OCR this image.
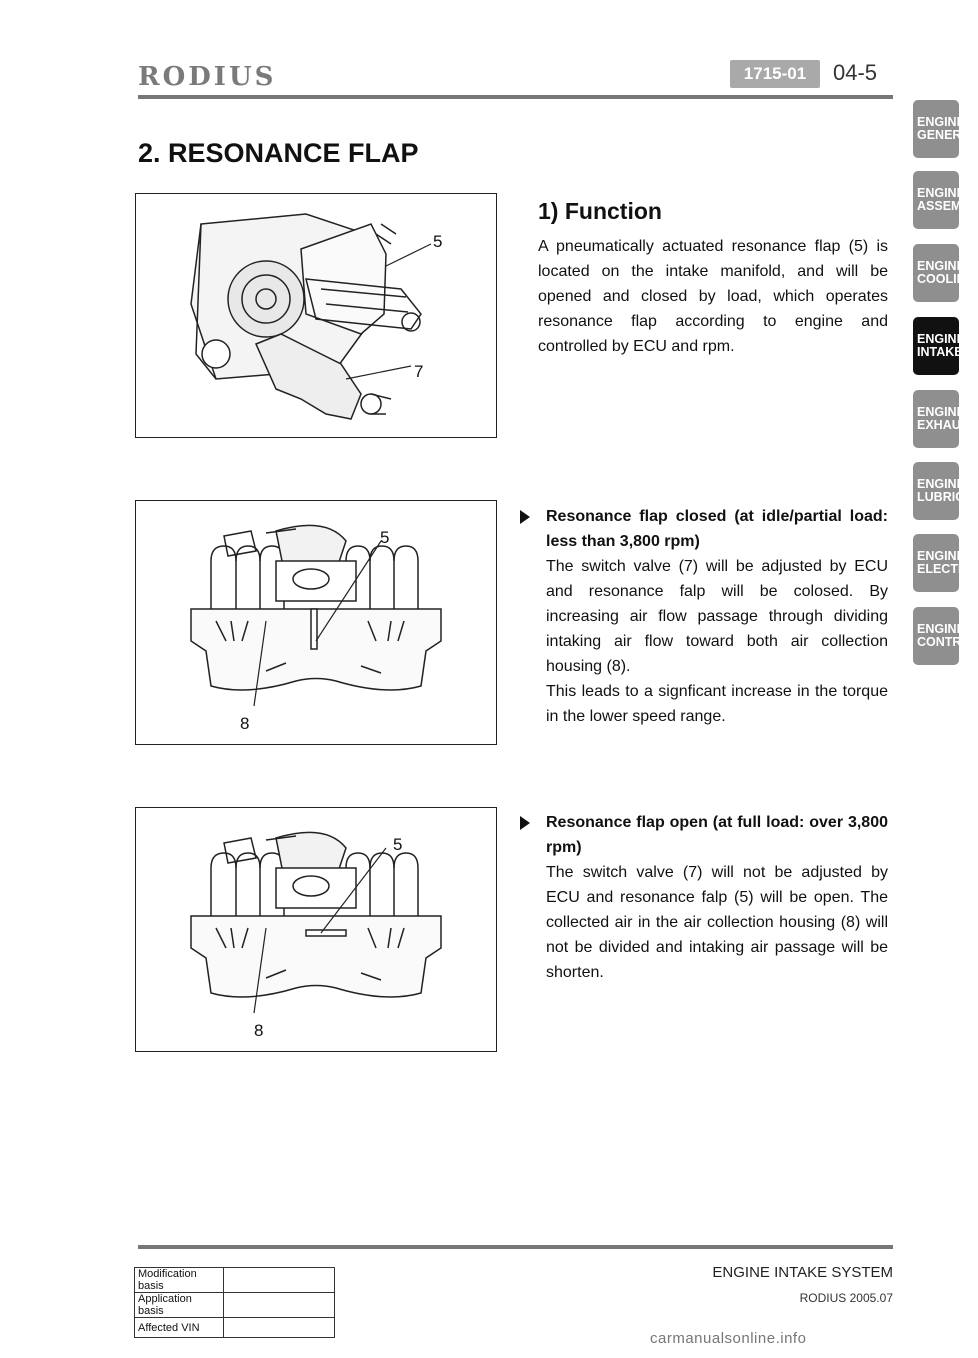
RODIUS	1715-01	04-5
2. RESONANCE FLAP
5
7
1) Function
A pneumatically actuated resonance flap (5) is located on the intake manifold, and will be opened and closed by load, which operates resonance flap according to engine and controlled by ECU and rpm.
5
8
Resonance flap closed (at idle/partial load: less than 3,800 rpm)
The switch valve (7) will be adjusted by ECU and resonance falp will be colosed. By increasing air flow passage through dividing intaking air flow toward both air collection housing (8).
This leads to a signficant increase in the torque in the lower speed range.
5
8
Resonance flap open (at full load: over 3,800 rpm)
The switch valve (7) will not be adjusted by ECU and resonance falp (5) will be open. The collected air in the air collection housing (8) will not be divided and intaking air passage will be shorten.
ENGINE
GENERA
ENGINE
ASSEMBL
ENGINE
COOLING
ENGINE
INTAKE
ENGINE
EXHAUST
ENGINE
LUBRICA
ENGINE
ELECTRI
ENGINE
CONTRO
Modification basis	
Application basis	
Affected VIN	
ENGINE INTAKE SYSTEM
RODIUS 2005.07
carmanualsonline.info
